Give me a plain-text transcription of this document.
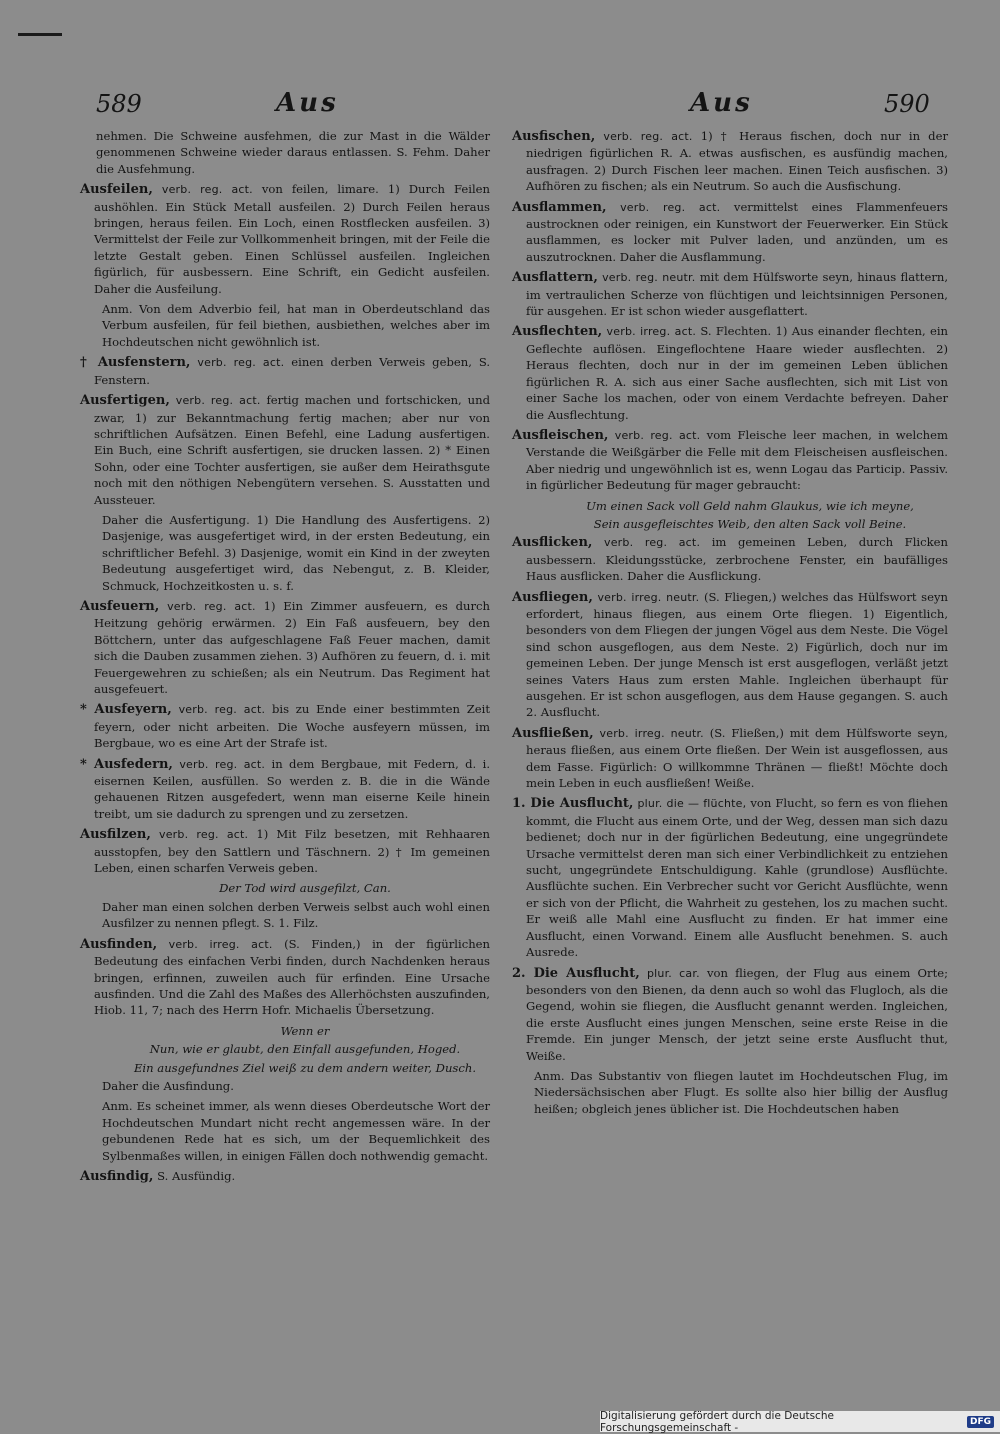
589	Aus	Aus	590
nehmen. Die Schweine ausfehmen, die zur Mast in die Wälder genommenen Schweine wieder daraus entlassen. S. Fehm. Daher die Ausfehmung.
Ausfeilen, verb. reg. act. von feilen, limare. 1) Durch Feilen aushöhlen. Ein Stück Metall ausfeilen. 2) Durch Feilen heraus bringen, heraus feilen. Ein Loch, einen Rostflecken ausfeilen. 3) Vermittelst der Feile zur Vollkommenheit bringen, mit der Feile die letzte Gestalt geben. Einen Schlüssel ausfeilen. Ingleichen figürlich, für ausbessern. Eine Schrift, ein Gedicht ausfeilen. Daher die Ausfeilung.
Anm. Von dem Adverbio feil, hat man in Oberdeutschland das Verbum ausfeilen, für feil biethen, ausbiethen, welches aber im Hochdeutschen nicht gewöhnlich ist.
† Ausfenstern, verb. reg. act. einen derben Verweis geben, S. Fenstern.
Ausfertigen, verb. reg. act. fertig machen und fortschicken, und zwar, 1) zur Bekanntmachung fertig machen; aber nur von schriftlichen Aufsätzen. Einen Befehl, eine Ladung ausfertigen. Ein Buch, eine Schrift ausfertigen, sie drucken lassen. 2) * Einen Sohn, oder eine Tochter ausfertigen, sie außer dem Heirathsgute noch mit den nöthigen Nebengütern versehen. S. Ausstatten und Aussteuer.
Daher die Ausfertigung. 1) Die Handlung des Ausfertigens. 2) Dasjenige, was ausgefertiget wird, in der ersten Bedeutung, ein schriftlicher Befehl. 3) Dasjenige, womit ein Kind in der zweyten Bedeutung ausgefertiget wird, das Nebengut, z. B. Kleider, Schmuck, Hochzeitkosten u. s. f.
Ausfeuern, verb. reg. act. 1) Ein Zimmer ausfeuern, es durch Heitzung gehörig erwärmen. 2) Ein Faß ausfeuern, bey den Böttchern, unter das aufgeschlagene Faß Feuer machen, damit sich die Dauben zusammen ziehen. 3) Aufhören zu feuern, d. i. mit Feuergewehren zu schießen; als ein Neutrum. Das Regiment hat ausgefeuert.
* Ausfeyern, verb. reg. act. bis zu Ende einer bestimmten Zeit feyern, oder nicht arbeiten. Die Woche ausfeyern müssen, im Bergbaue, wo es eine Art der Strafe ist.
* Ausfedern, verb. reg. act. in dem Bergbaue, mit Federn, d. i. eisernen Keilen, ausfüllen. So werden z. B. die in die Wände gehauenen Ritzen ausgefedert, wenn man eiserne Keile hinein treibt, um sie dadurch zu sprengen und zu zersetzen.
Ausfilzen, verb. reg. act. 1) Mit Filz besetzen, mit Rehhaaren ausstopfen, bey den Sattlern und Täschnern. 2) † Im gemeinen Leben, einen scharfen Verweis geben.
Der Tod wird ausgefilzt, Can.
Daher man einen solchen derben Verweis selbst auch wohl einen Ausfilzer zu nennen pflegt. S. 1. Filz.
Ausfinden, verb. irreg. act. (S. Finden,) in der figürlichen Bedeutung des einfachen Verbi finden, durch Nachdenken heraus bringen, erfinnen, zuweilen auch für erfinden. Eine Ursache ausfinden. Und die Zahl des Maßes des Allerhöchsten auszufinden, Hiob. 11, 7; nach des Herrn Hofr. Michaelis Übersetzung.
Wenn er
Nun, wie er glaubt, den Einfall ausgefunden, Hoged.
Ein ausgefundnes Ziel weiß zu dem andern weiter, Dusch.
Daher die Ausfindung.
Anm. Es scheinet immer, als wenn dieses Oberdeutsche Wort der Hochdeutschen Mundart nicht recht angemessen wäre. In der gebundenen Rede hat es sich, um der Bequemlichkeit des Sylbenmaßes willen, in einigen Fällen doch nothwendig gemacht.
Ausfindig, S. Ausfündig.
Ausfischen, verb. reg. act. 1) † Heraus fischen, doch nur in der niedrigen figürlichen R. A. etwas ausfischen, es ausfündig machen, ausfragen. 2) Durch Fischen leer machen. Einen Teich ausfischen. 3) Aufhören zu fischen; als ein Neutrum. So auch die Ausfischung.
Ausflammen, verb. reg. act. vermittelst eines Flammenfeuers austrocknen oder reinigen, ein Kunstwort der Feuerwerker. Ein Stück ausflammen, es locker mit Pulver laden, und anzünden, um es auszutrocknen. Daher die Ausflammung.
Ausflattern, verb. reg. neutr. mit dem Hülfsworte seyn, hinaus flattern, im vertraulichen Scherze von flüchtigen und leichtsinnigen Personen, für ausgehen. Er ist schon wieder ausgeflattert.
Ausflechten, verb. irreg. act. S. Flechten. 1) Aus einander flechten, ein Geflechte auflösen. Eingeflochtene Haare wieder ausflechten. 2) Heraus flechten, doch nur in der im gemeinen Leben üblichen figürlichen R. A. sich aus einer Sache ausflechten, sich mit List von einer Sache los machen, oder von einem Verdachte befreyen. Daher die Ausflechtung.
Ausfleischen, verb. reg. act. vom Fleische leer machen, in welchem Verstande die Weißgärber die Felle mit dem Fleischeisen ausfleischen. Aber niedrig und ungewöhnlich ist es, wenn Logau das Particip. Passiv. in figürlicher Bedeutung für mager gebraucht:
Um einen Sack voll Geld nahm Glaukus, wie ich meyne,
Sein ausgefleischtes Weib, den alten Sack voll Beine.
Ausflicken, verb. reg. act. im gemeinen Leben, durch Flicken ausbessern. Kleidungsstücke, zerbrochene Fenster, ein baufälliges Haus ausflicken. Daher die Ausflickung.
Ausfliegen, verb. irreg. neutr. (S. Fliegen,) welches das Hülfswort seyn erfordert, hinaus fliegen, aus einem Orte fliegen. 1) Eigentlich, besonders von dem Fliegen der jungen Vögel aus dem Neste. Die Vögel sind schon ausgeflogen, aus dem Neste. 2) Figürlich, doch nur im gemeinen Leben. Der junge Mensch ist erst ausgeflogen, verläßt jetzt seines Vaters Haus zum ersten Mahle. Ingleichen überhaupt für ausgehen. Er ist schon ausgeflogen, aus dem Hause gegangen. S. auch 2. Ausflucht.
Ausfließen, verb. irreg. neutr. (S. Fließen,) mit dem Hülfsworte seyn, heraus fließen, aus einem Orte fließen. Der Wein ist ausgeflossen, aus dem Fasse. Figürlich: O willkommne Thränen — fließt! Möchte doch mein Leben in euch ausfließen! Weiße.
1. Die Ausflucht, plur. die — flüchte, von Flucht, so fern es von fliehen kommt, die Flucht aus einem Orte, und der Weg, dessen man sich dazu bedienet; doch nur in der figürlichen Bedeutung, eine ungegründete Ursache vermittelst deren man sich einer Verbindlichkeit zu entziehen sucht, ungegründete Entschuldigung. Kahle (grundlose) Ausflüchte. Ausflüchte suchen. Ein Verbrecher sucht vor Gericht Ausflüchte, wenn er sich von der Pflicht, die Wahrheit zu gestehen, los zu machen sucht. Er weiß alle Mahl eine Ausflucht zu finden. Er hat immer eine Ausflucht, einen Vorwand. Einem alle Ausflucht benehmen. S. auch Ausrede.
2. Die Ausflucht, plur. car. von fliegen, der Flug aus einem Orte; besonders von den Bienen, da denn auch so wohl das Flugloch, als die Gegend, wohin sie fliegen, die Ausflucht genannt werden. Ingleichen, die erste Ausflucht eines jungen Menschen, seine erste Reise in die Fremde. Ein junger Mensch, der jetzt seine erste Ausflucht thut, Weiße.
Anm. Das Substantiv von fliegen lautet im Hochdeutschen Flug, im Niedersächsischen aber Flugt. Es sollte also hier billig der Ausflug heißen; obgleich jenes üblicher ist. Die Hochdeutschen haben
Digitalisierung gefördert durch die Deutsche Forschungsgemeinschaft -	DFG
